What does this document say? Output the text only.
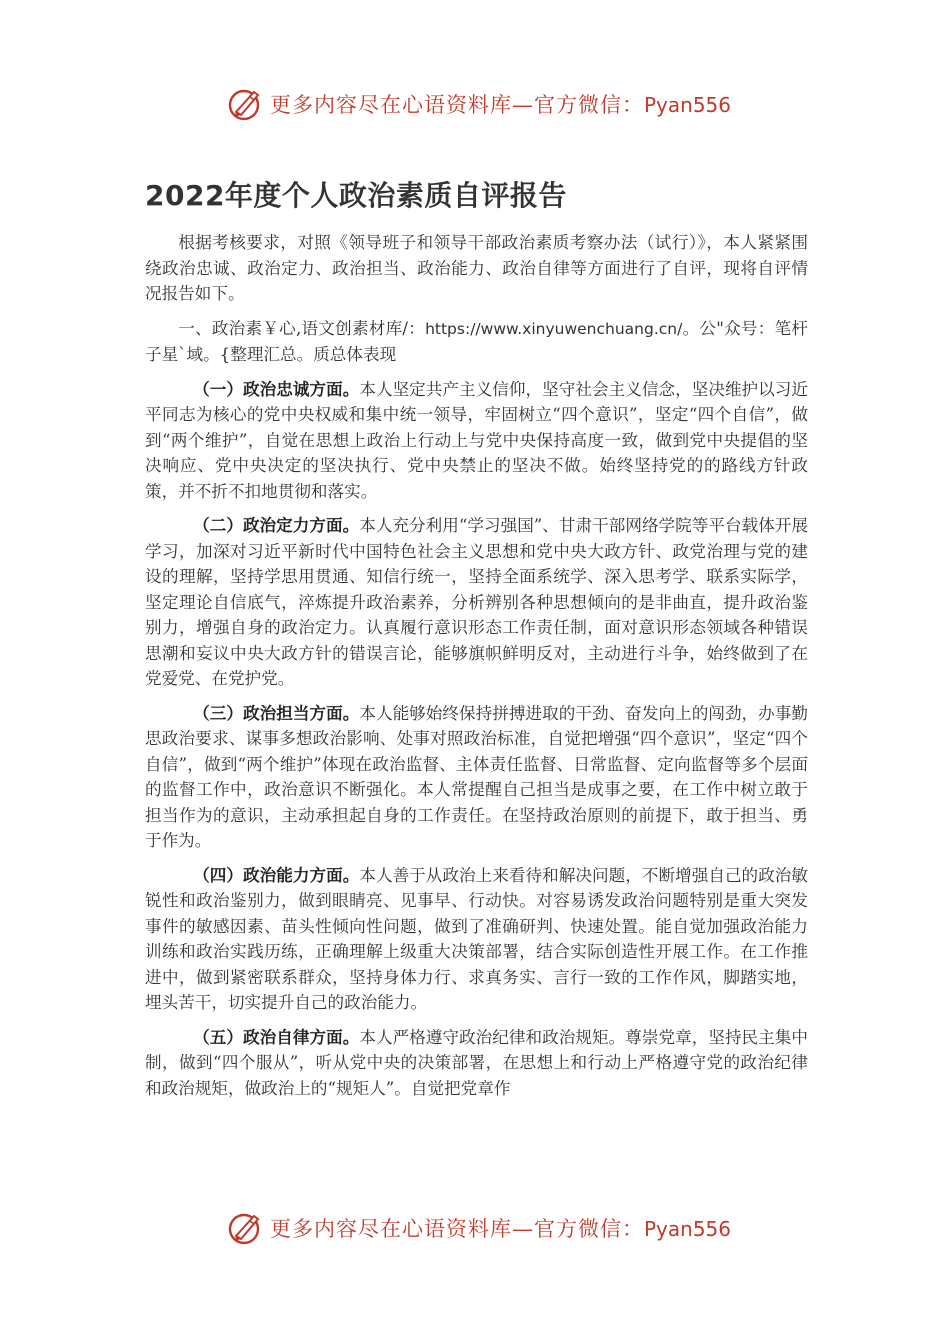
更多内容尽在心语资料库—官方微信：Pyan556
2022年度个人政治素质自评报告

根据考核要求，对照《领导班子和领导干部政治素质考察办法（试行）》，本人紧紧围绕政治忠诚、政治定力、政治担当、政治能力、政治自律等方面进行了自评，现将自评情况报告如下。

一、政治素￥心,语文创素材库/：https://www.xinyuwenchuang.cn/。公"众号：笔杆子星`域。{整理汇总。质总体表现

（一）政治忠诚方面。本人坚定共产主义信仰，坚守社会主义信念，坚决维护以习近平同志为核心的党中央权威和集中统一领导，牢固树立“四个意识”，坚定“四个自信”，做到“两个维护”，自觉在思想上政治上行动上与党中央保持高度一致，做到党中央提倡的坚决响应、党中央决定的坚决执行、党中央禁止的坚决不做。始终坚持党的的路线方针政策，并不折不扣地贯彻和落实。

（二）政治定力方面。本人充分利用“学习强国”、甘肃干部网络学院等平台载体开展学习，加深对习近平新时代中国特色社会主义思想和党中央大政方针、政党治理与党的建设的理解，坚持学思用贯通、知信行统一，坚持全面系统学、深入思考学、联系实际学，坚定理论自信底气，淬炼提升政治素养，分析辨别各种思想倾向的是非曲直，提升政治鉴别力，增强自身的政治定力。认真履行意识形态工作责任制，面对意识形态领域各种错误思潮和妄议中央大政方针的错误言论，能够旗帜鲜明反对，主动进行斗争，始终做到了在党爱党、在党护党。

（三）政治担当方面。本人能够始终保持拼搏进取的干劲、奋发向上的闯劲，办事勤思政治要求、谋事多想政治影响、处事对照政治标准，自觉把增强“四个意识”，坚定“四个自信”，做到“两个维护”体现在政治监督、主体责任监督、日常监督、定向监督等多个层面的监督工作中，政治意识不断强化。本人常提醒自己担当是成事之要，在工作中树立敢于担当作为的意识，主动承担起自身的工作责任。在坚持政治原则的前提下，敢于担当、勇于作为。

（四）政治能力方面。本人善于从政治上来看待和解决问题，不断增强自己的政治敏锐性和政治鉴别力，做到眼睛亮、见事早、行动快。对容易诱发政治问题特别是重大突发事件的敏感因素、苗头性倾向性问题，做到了准确研判、快速处置。能自觉加强政治能力训练和政治实践历练，正确理解上级重大决策部署，结合实际创造性开展工作。在工作推进中，做到紧密联系群众，坚持身体力行、求真务实、言行一致的工作作风，脚踏实地，埋头苦干，切实提升自己的政治能力。

（五）政治自律方面。本人严格遵守政治纪律和政治规矩。尊崇党章，坚持民主集中制，做到“四个服从”，听从党中央的决策部署，在思想上和行动上严格遵守党的政治纪律和政治规矩，做政治上的“规矩人”。自觉把党章作

更多内容尽在心语资料库—官方微信：Pyan556
